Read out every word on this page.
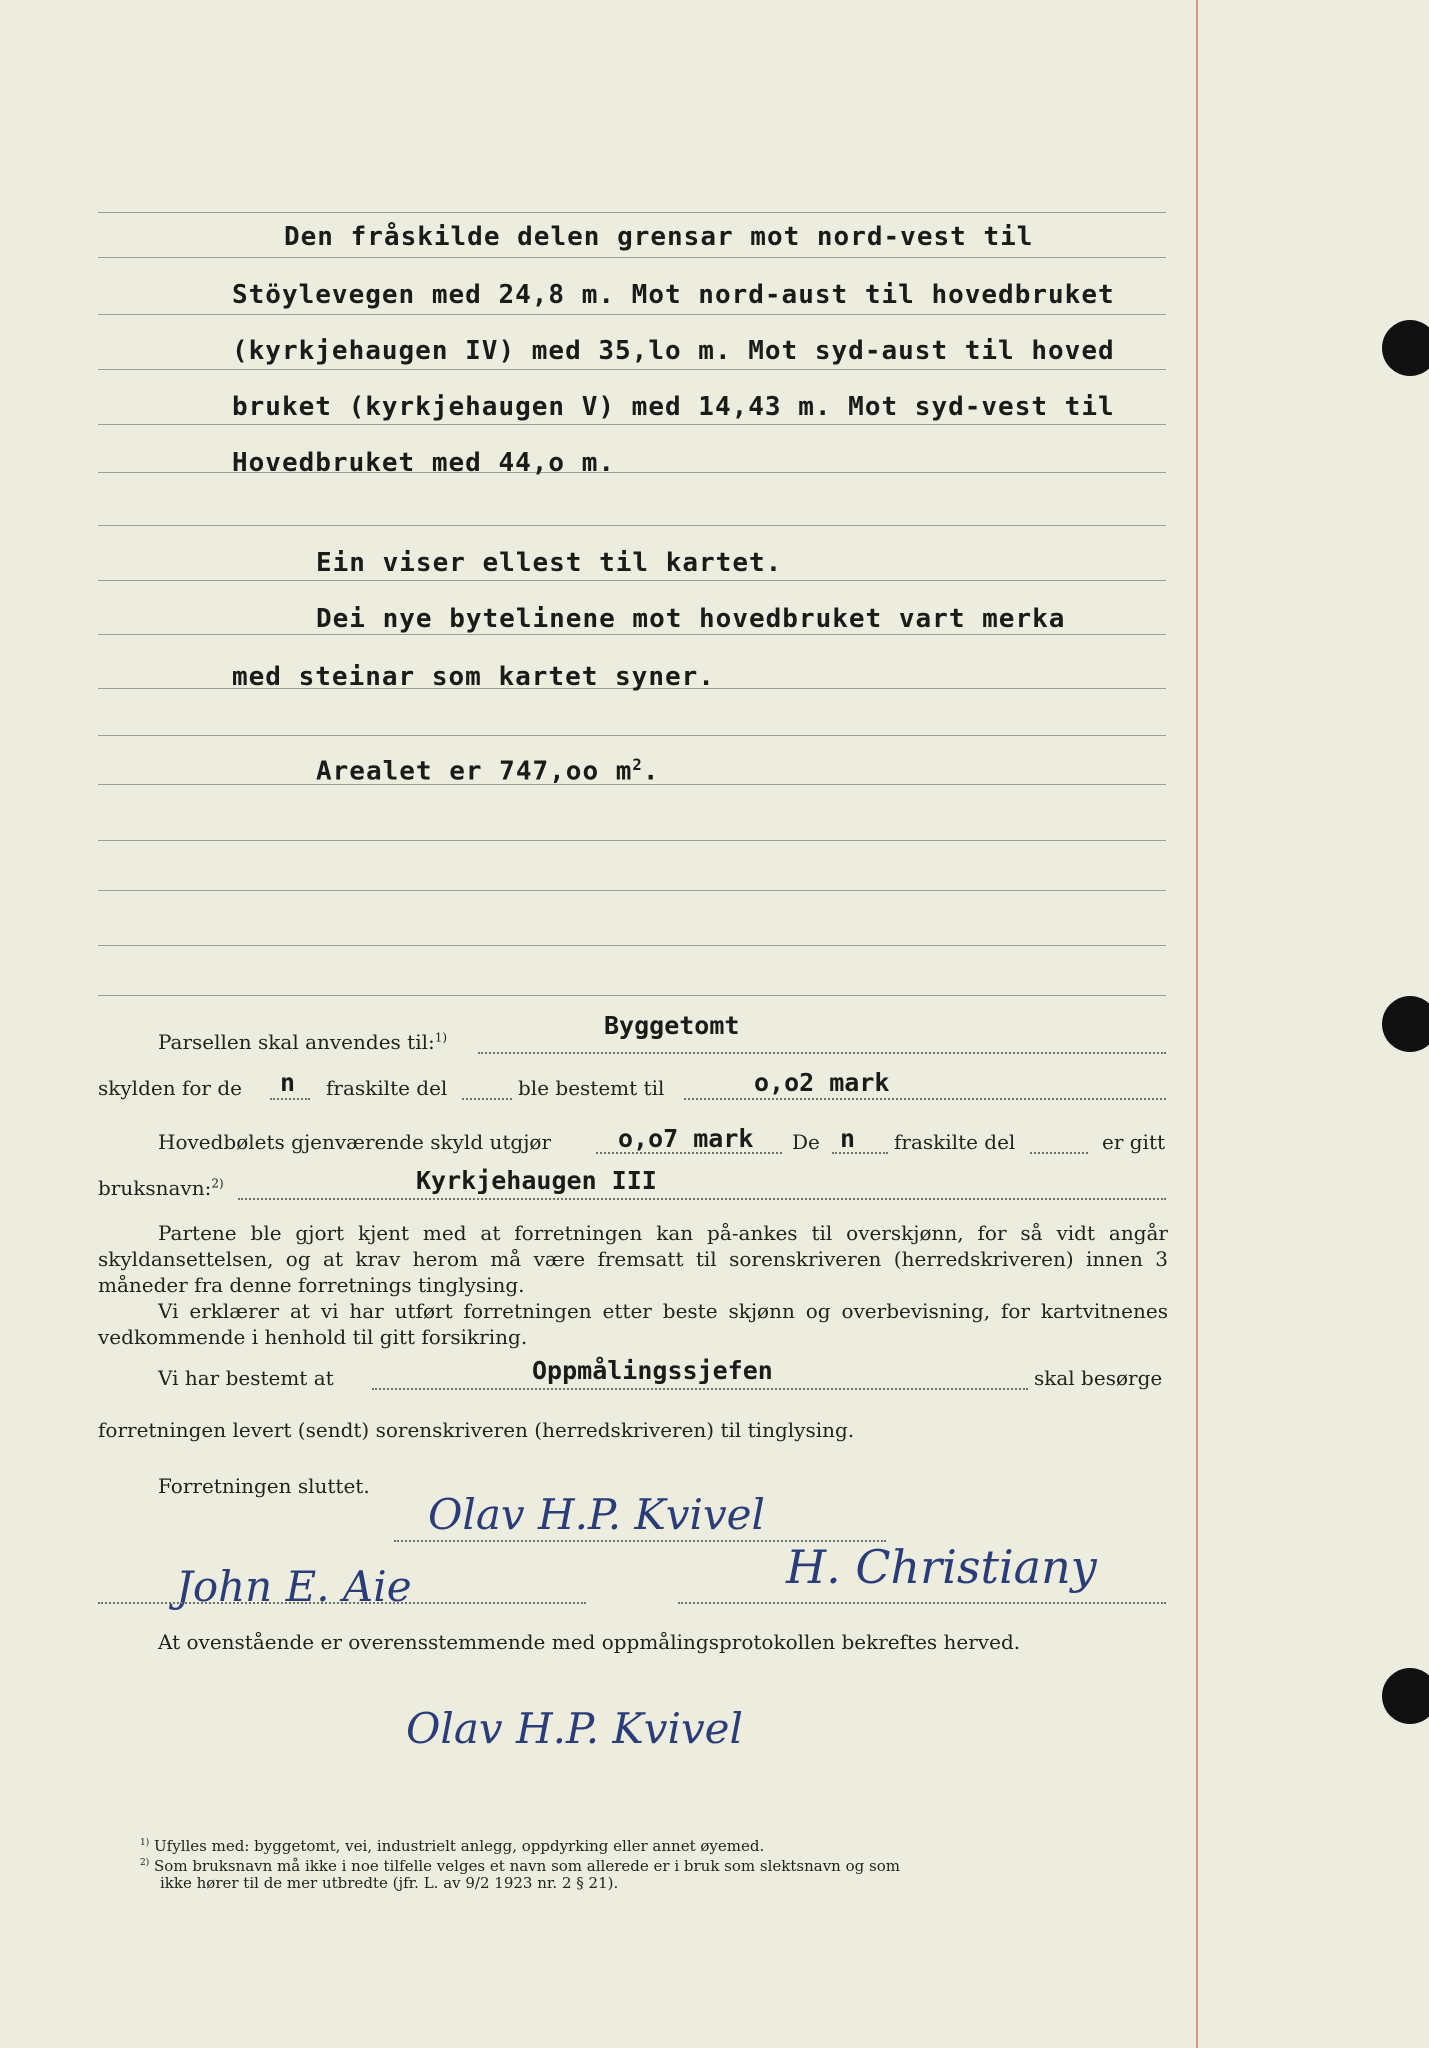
Den fråskilde delen grensar mot nord-vest til
Stöylevegen med 24,8 m. Mot nord-aust til hovedbruket
(kyrkjehaugen IV) med 35,lo m. Mot syd-aust til hoved
bruket (kyrkjehaugen V) med 14,43 m. Mot syd-vest til
Hovedbruket med 44,o m.
Ein viser ellest til kartet.
Dei nye bytelinene mot hovedbruket vart merka
med steinar som kartet syner.
Arealet er 747,oo $m^2$.
Parsellen skal anvendes til:$^{1)}$	Byggetomt
skylden for de n fraskilte del	ble bestemt til	o,o2 mark
Hovedbølets gjenværende skyld utgjør	o,o7 mark De n fraskilte del	er gitt
bruksnavn:$^{2)}$	Kyrkjehaugen III
Partene ble gjort kjent med at forretningen kan på-ankes til overskjønn, for så vidt angår skyldansettelsen, og at krav herom må være fremsatt til sorenskriveren (herredskriveren) innen 3 måneder fra denne forretnings tinglysing.
Vi erklærer at vi har utført forretningen etter beste skjønn og overbevisning, for kartvitnenes vedkommende i henhold til gitt forsikring.
Vi har bestemt at	Oppmålingssjefen	skal besørge
forretningen levert (sendt) sorenskriveren (herredskriveren) til tinglysing.
Forretningen sluttet.
Olav H.P. Kvivel
John E. Aie	H. Christiany
At ovenstående er overensstemmende med oppmålingsprotokollen bekreftes herved.
Olav H.P. Kvivel
$^{1)}$ Ufylles med: byggetomt, vei, industrielt anlegg, oppdyrking eller annet øyemed.
$^{2)}$ Som bruksnavn må ikke i noe tilfelle velges et navn som allerede er i bruk som slektsnavn og som
ikke hører til de mer utbredte (jfr. L. av 9/2 1923 nr. 2 § 21).
